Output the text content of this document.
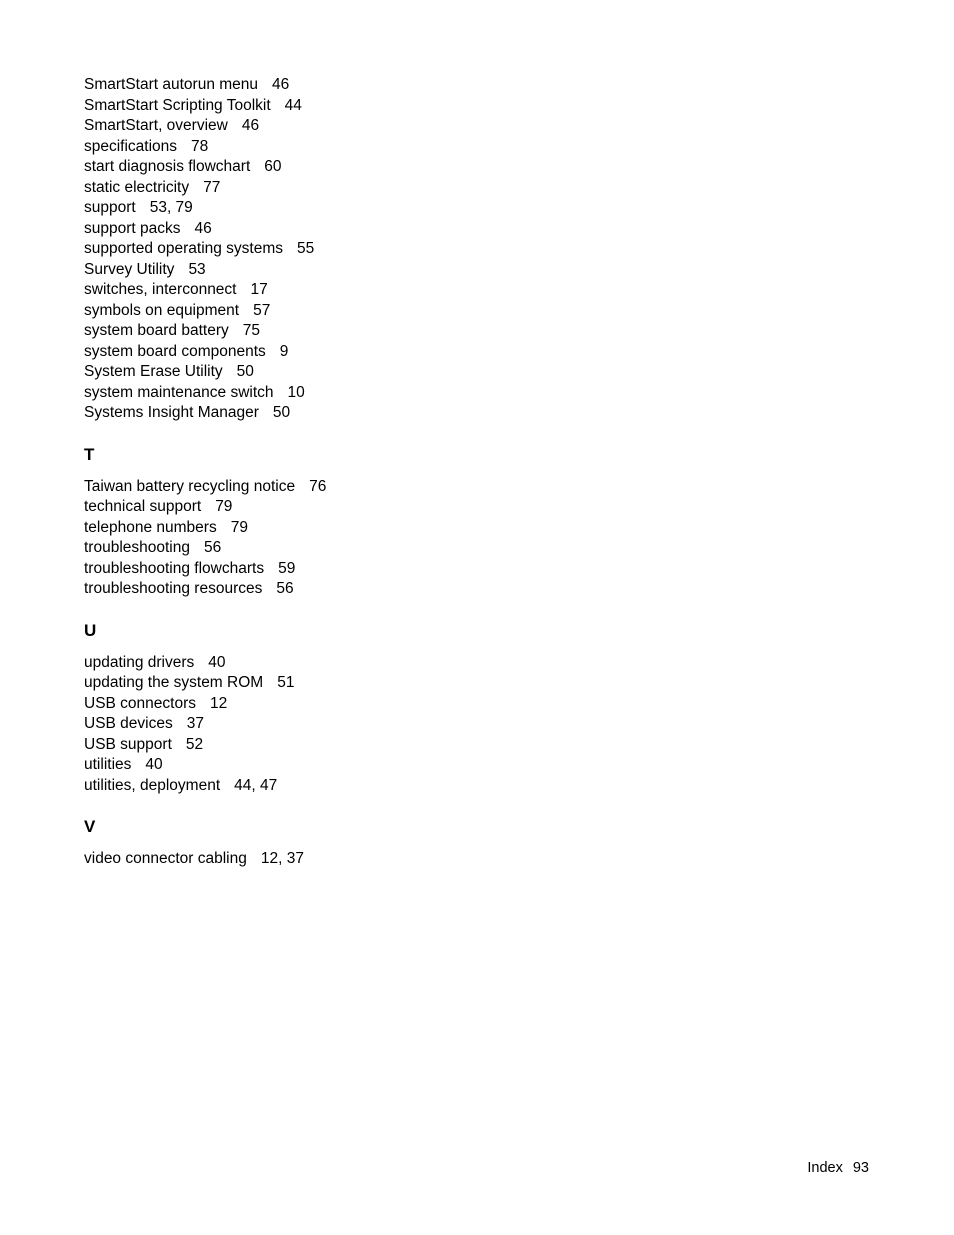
SmartStart autorun menu 46
SmartStart Scripting Toolkit 44
SmartStart, overview 46
specifications 78
start diagnosis flowchart 60
static electricity 77
support 53, 79
support packs 46
supported operating systems 55
Survey Utility 53
switches, interconnect 17
symbols on equipment 57
system board battery 75
system board components 9
System Erase Utility 50
system maintenance switch 10
Systems Insight Manager 50
T
Taiwan battery recycling notice 76
technical support 79
telephone numbers 79
troubleshooting 56
troubleshooting flowcharts 59
troubleshooting resources 56
U
updating drivers 40
updating the system ROM 51
USB connectors 12
USB devices 37
USB support 52
utilities 40
utilities, deployment 44, 47
V
video connector cabling 12, 37
Index 93
